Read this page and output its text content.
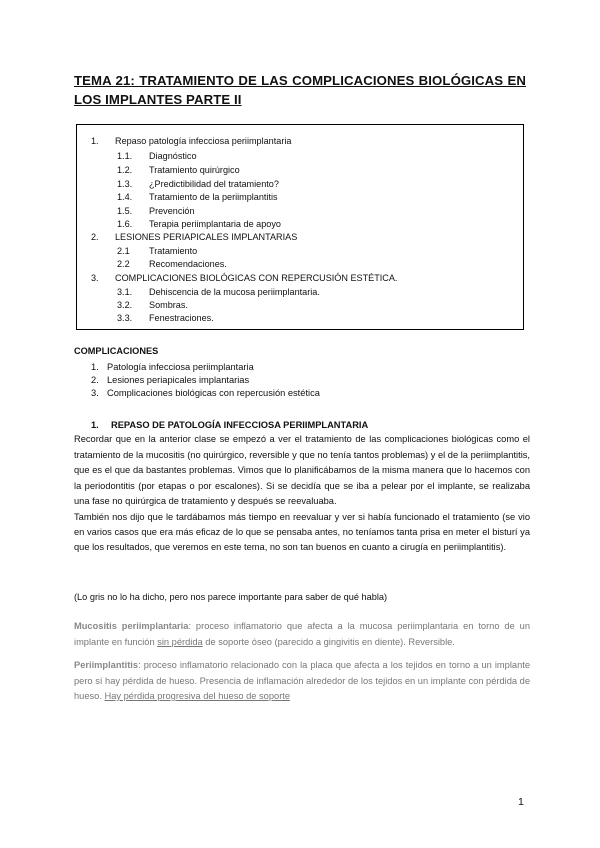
TEMA 21: TRATAMIENTO DE LAS COMPLICACIONES BIOLÓGICAS EN LOS IMPLANTES PARTE II
1. Repaso patología infecciosa periimplantaria
1.1. Diagnóstico
1.2. Tratamiento quirúrgico
1.3. ¿Predictibilidad del tratamiento?
1.4. Tratamiento de la periimplantitis
1.5. Prevención
1.6. Terapia periimplantaria de apoyo
2. LESIONES PERIAPICALES IMPLANTARIAS
2.1 Tratamiento
2.2 Recomendaciones.
3. COMPLICACIONES BIOLÓGICAS CON REPERCUSIÓN ESTÉTICA.
3.1. Dehiscencia de la mucosa periimplantaria.
3.2. Sombras.
3.3. Fenestraciones.
COMPLICACIONES
1. Patología infecciosa periimplantaria
2. Lesiones periapicales implantarias
3. Complicaciones biológicas con repercusión estética
1. REPASO DE PATOLOGÍA INFECCIOSA PERIIMPLANTARIA

Recordar que en la anterior clase se empezó a ver el tratamiento de las complicaciones biológicas como el tratamiento de la mucositis (no quirúrgico, reversible y que no tenía tantos problemas) y el de la periimplantitis, que es el que da bastantes problemas. Vimos que lo planificábamos de la misma manera que lo hacemos con la periodontitis (por etapas o por escalones). Si se decidía que se iba a pelear por el implante, se realizaba una fase no quirúrgica de tratamiento y después se reevaluaba.

También nos dijo que le tardábamos más tiempo en reevaluar y ver si había funcionado el tratamiento (se vio en varios casos que era más eficaz de lo que se pensaba antes, no teníamos tanta prisa en meter el bisturí ya que los resultados, que veremos en este tema, no son tan buenos en cuanto a cirugía en periimplantitis).

(Lo gris no lo ha dicho, pero nos parece importante para saber de qué habla)

Mucositis periimplantaria: proceso inflamatorio que afecta a la mucosa periimplantaria en torno de un implante en función sin pérdida de soporte óseo (parecido a gingivitis en diente). Reversible.

Periimplantitis: proceso inflamatorio relacionado con la placa que afecta a los tejidos en torno a un implante pero sí hay pérdida de hueso. Presencia de inflamación alrededor de los tejidos en un implante con pérdida de hueso. Hay pérdida progresiva del hueso de soporte

1
